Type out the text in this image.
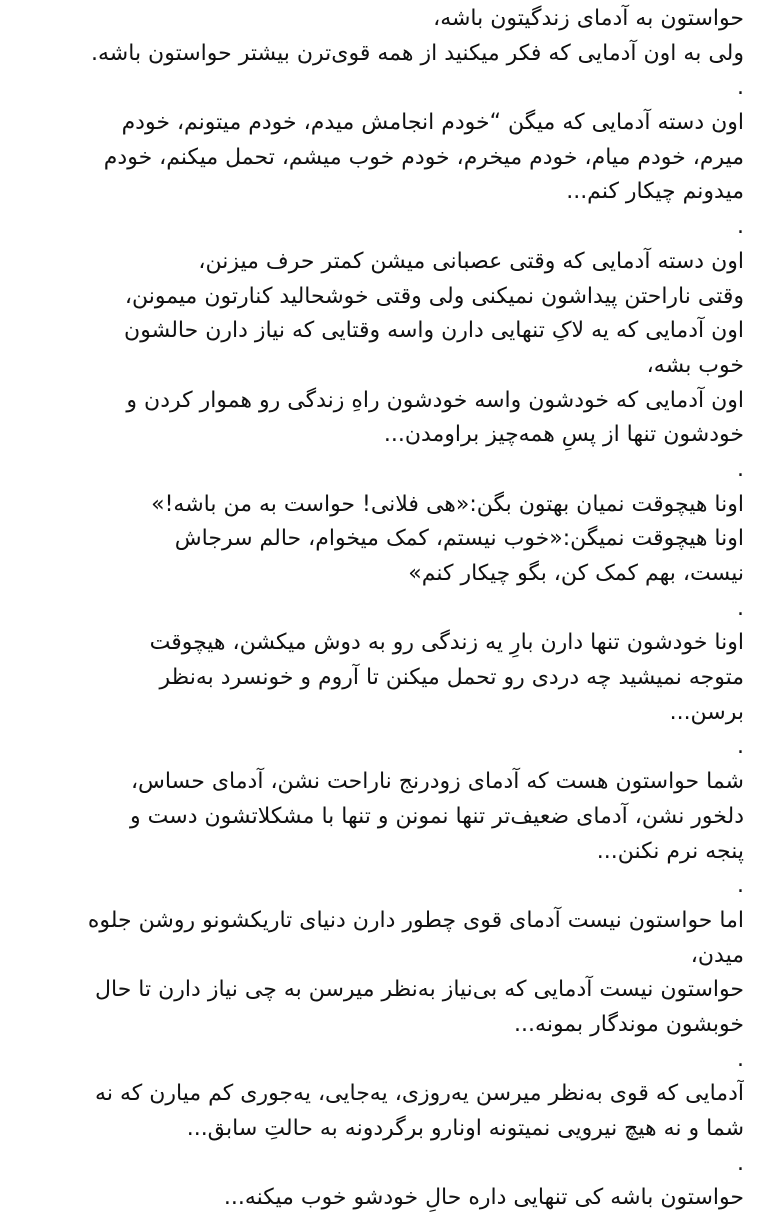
حواستون به آدمای زندگیتون باشه،
ولی به اون آدمایی که فکر میکنید از همه قوی‌ترن بیشتر حواستون باشه.
.
اون دسته آدمایی که میگن “خودم انجامش میدم، خودم میتونم، خودم
میرم، خودم میام، خودم میخرم، خودم خوب میشم، تحمل میکنم، خودم
میدونم چیکار کنم...
.
اون دسته آدمایی که وقتی عصبانی میشن کمتر حرف میزنن،
وقتی ناراحتن پیداشون نمیکنی ولی وقتی خوشحالید کنارتون میمونن،
اون آدمایی که یه لاکِ تنهایی دارن واسه وقتایی که نیاز دارن حالشون
خوب بشه،
اون آدمایی که خودشون واسه خودشون راهِ زندگی رو هموار کردن و
خودشون تنها از پسِ همه‌چیز براومدن...
.
اونا هیچوقت نمیان بهتون بگن:«هی فلانی! حواست به من باشه!»
اونا هیچوقت نمیگن:«خوب نیستم، کمک میخوام، حالم سرجاش
نیست، بهم کمک کن، بگو چیکار کنم»
.
اونا خودشون تنها دارن بارِ یه زندگی رو به دوش میکشن، هیچوقت
متوجه نمیشید چه دردی رو تحمل میکنن تا آروم و خونسرد به‌نظر
برسن...
.
شما حواستون هست که آدمای زودرنج ناراحت نشن، آدمای حساس،
دلخور نشن، آدمای ضعیف‌تر تنها نمونن و تنها با مشکلاتشون دست و
پنجه نرم نکنن...
.
اما حواستون نیست آدمای قوی چطور دارن دنیای تاریکشونو روشن جلوه
میدن،
حواستون نیست آدمایی که بی‌نیاز به‌نظر میرسن به چی نیاز دارن تا حال
خوبشون موندگار بمونه...
.
آدمایی که قوی به‌نظر میرسن یه‌روزی، یه‌جایی، یه‌جوری کم میارن که نه
شما و نه هیچ نیرویی نمیتونه اونارو برگردونه به حالتِ سابق...
.
حواستون باشه کی تنهایی داره حالِ خودشو خوب میکنه...
